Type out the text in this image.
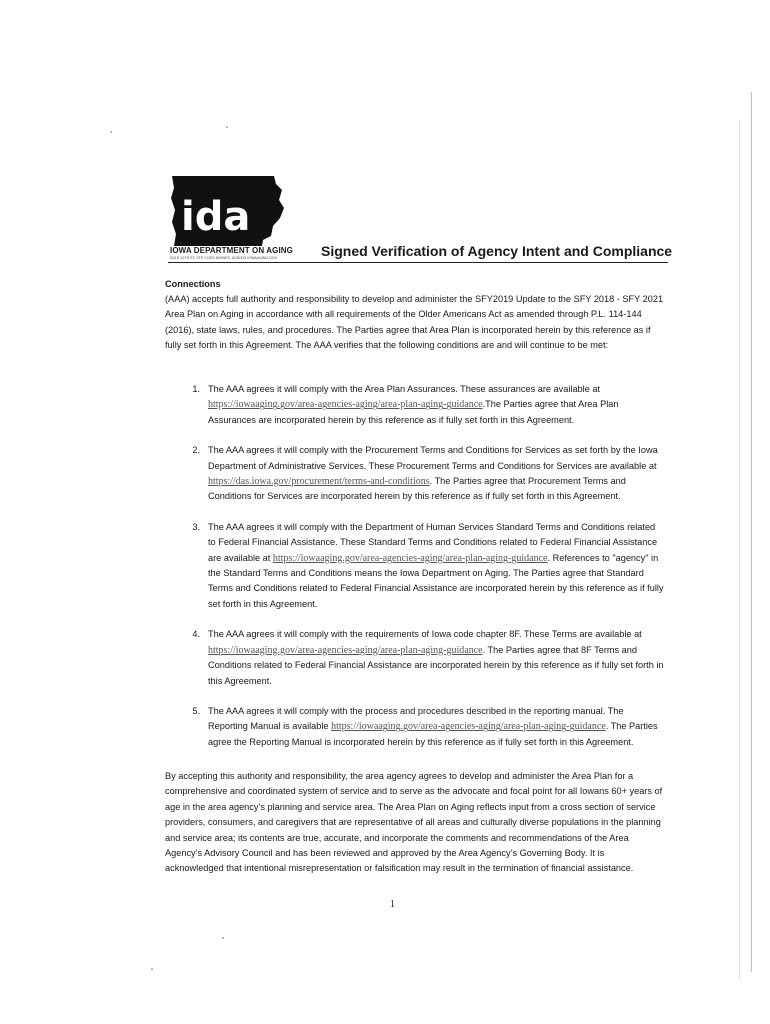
ida
IOWA DEPARTMENT ON AGING
510 E 12TH ST, STE 2 DES MOINES, IA 50319 IOWAAGING.GOV	Signed Verification of Agency Intent and Compliance
Connections
(AAA) accepts full authority and responsibility to develop and administer the SFY2019 Update to the SFY 2018 - SFY 2021 Area Plan on Aging in accordance with all requirements of the Older Americans Act as amended through P.L. 114-144 (2016), state laws, rules, and procedures. The Parties agree that Area Plan is incorporated herein by this reference as if fully set forth in this Agreement. The AAA verifies that the following conditions are and will continue to be met:
1. The AAA agrees it will comply with the Area Plan Assurances. These assurances are available at https://iowaaging.gov/area-agencies-aging/area-plan-aging-guidance.The Parties agree that Area Plan Assurances are incorporated herein by this reference as if fully set forth in this Agreement.
2. The AAA agrees it will comply with the Procurement Terms and Conditions for Services as set forth by the Iowa Department of Administrative Services. These Procurement Terms and Conditions for Services are available at https://das.iowa.gov/procurement/terms-and-conditions. The Parties agree that Procurement Terms and Conditions for Services are incorporated herein by this reference as if fully set forth in this Agreement.
3. The AAA agrees it will comply with the Department of Human Services Standard Terms and Conditions related to Federal Financial Assistance. These Standard Terms and Conditions related to Federal Financial Assistance are available at https://iowaaging.gov/area-agencies-aging/area-plan-aging-guidance. References to "agency" in the Standard Terms and Conditions means the Iowa Department on Aging. The Parties agree that Standard Terms and Conditions related to Federal Financial Assistance are incorporated herein by this reference as if fully set forth in this Agreement.
4. The AAA agrees it will comply with the requirements of Iowa code chapter 8F. These Terms are available at https://iowaaging.gov/area-agencies-aging/area-plan-aging-guidance. The Parties agree that 8F Terms and Conditions related to Federal Financial Assistance are incorporated herein by this reference as if fully set forth in this Agreement.
5. The AAA agrees it will comply with the process and procedures described in the reporting manual. The Reporting Manual is available https://iowaaging.gov/area-agencies-aging/area-plan-aging-guidance. The Parties agree the Reporting Manual is incorporated herein by this reference as if fully set forth in this Agreement.
By accepting this authority and responsibility, the area agency agrees to develop and administer the Area Plan for a comprehensive and coordinated system of service and to serve as the advocate and focal point for all Iowans 60+ years of age in the area agency’s planning and service area. The Area Plan on Aging reflects input from a cross section of service providers, consumers, and caregivers that are representative of all areas and culturally diverse populations in the planning and service area; its contents are true, accurate, and incorporate the comments and recommendations of the Area Agency’s Advisory Council and has been reviewed and approved by the Area Agency’s Governing Body. It is acknowledged that intentional misrepresentation or falsification may result in the termination of financial assistance.
1
